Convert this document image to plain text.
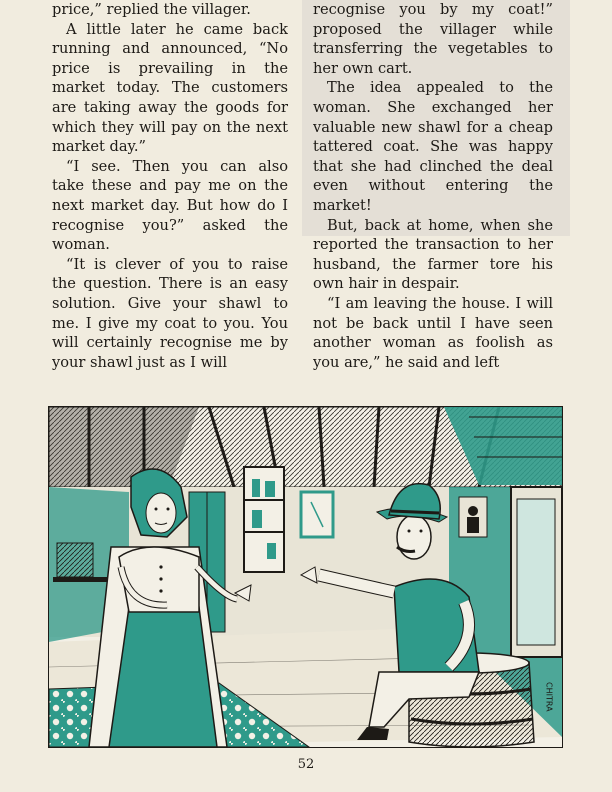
price,” replied the villager.

A little later he came back running and announced, “No price is prevailing in the market today. The customers are taking away the goods for which they will pay on the next market day.”

“I see. Then you can also take these and pay me on the next market day. But how do I recognise you?” asked the woman.

“It is clever of you to raise the question. There is an easy solution. Give your shawl to me. I give my coat to you. You will certainly recognise me by your shawl just as I will

recognise you by my coat!” proposed the villager while transferring the vegetables to her own cart.

The idea appealed to the woman. She exchanged her valuable new shawl for a cheap tattered coat. She was happy that she had clinched the deal even without entering the market!

But, back at home, when she reported the transaction to her husband, the farmer tore his own hair in despair.

“I am leaving the house. I will not be back until I have seen another woman as foolish as you are,” he said and left

CHITRA
52
